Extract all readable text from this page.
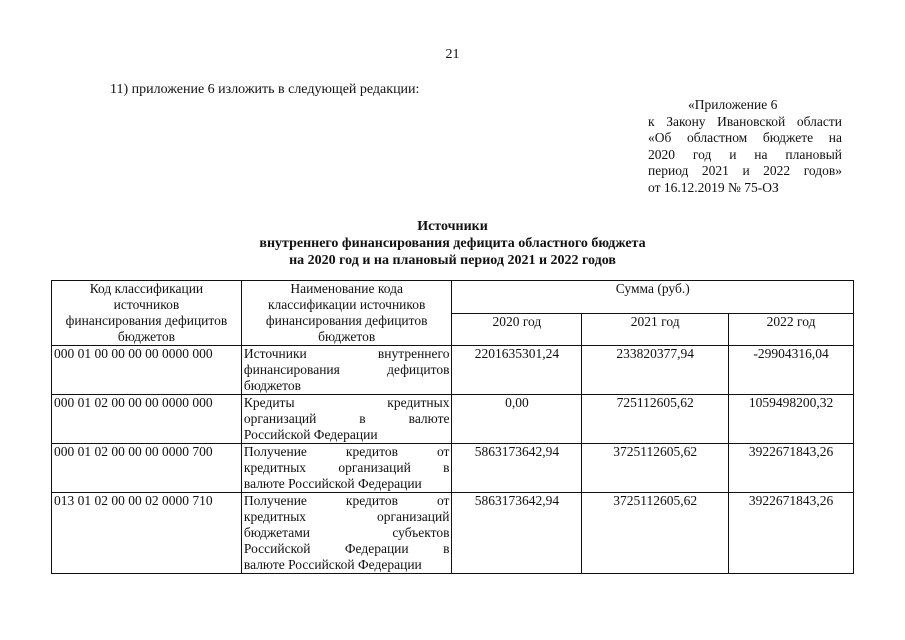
21
11) приложение 6 изложить в следующей редакции:
«Приложение 6
к Закону Ивановской области
«Об областном бюджете на
2020 год и на плановый
период 2021 и 2022 годов»
от 16.12.2019 № 75-ОЗ
Источники
внутреннего финансирования дефицита областного бюджета
на 2020 год и на плановый период 2021 и 2022 годов
Код классификации
источников
финансирования дефицитов
бюджетов	Наименование кода
классификации источников
финансирования дефицитов
бюджетов	Сумма (руб.)		
		2020 год	2021 год	2022 год
000 01 00 00 00 00 0000 000	Источники внутреннего
финансирования дефицитов
бюджетов	2201635301,24	233820377,94	-29904316,04
000 01 02 00 00 00 0000 000	Кредиты кредитных
организаций в валюте
Российской Федерации	0,00	725112605,62	1059498200,32
000 01 02 00 00 00 0000 700	Получение кредитов от
кредитных организаций в
валюте Российской Федерации	5863173642,94	3725112605,62	3922671843,26
013 01 02 00 00 02 0000 710	Получение кредитов от
кредитных организаций
бюджетами субъектов
Российской Федерации в
валюте Российской Федерации	5863173642,94	3725112605,62	3922671843,26
